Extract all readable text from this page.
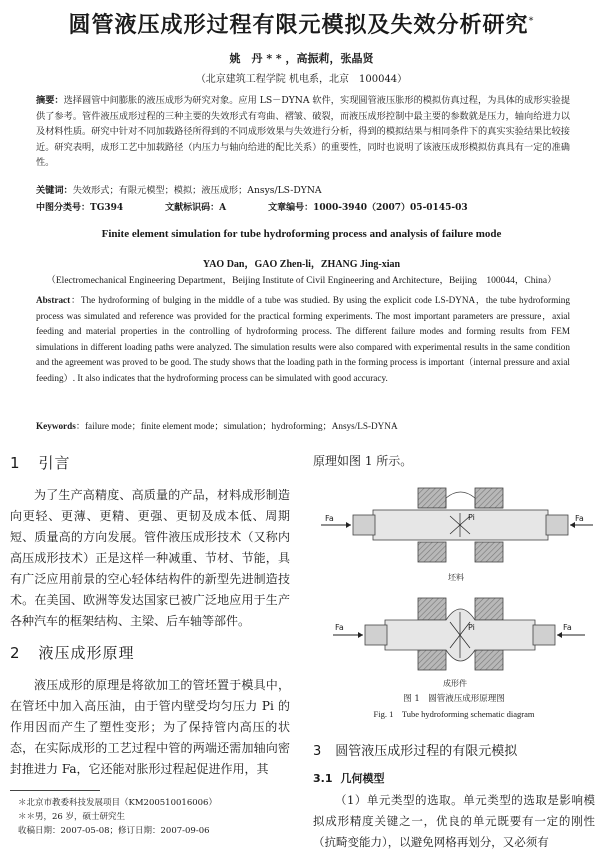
圆管液压成形过程有限元模拟及失效分析研究*
姚　丹 * * ，高振莉，张晶贤
（北京建筑工程学院 机电系，北京　100044）
摘要：选择圆管中间膨胀的液压成形为研究对象。应用 LS－DYNA 软件，实现圆管液压胀形的模拟仿真过程，为具体的成形实验提供了参考。管件液压成形过程的三种主要的失效形式有弯曲、褶皱、破裂，而液压成形控制中最主要的参数就是压力，轴向给进力以及材料性质。研究中针对不同加载路径所得到的不同成形效果与失效进行分析，得到的模拟结果与相同条件下的真实实验结果比较接近。研究表明，成形工艺中加载路径（内压力与轴向给进的配比关系）的重要性，同时也说明了该液压成形模拟仿真具有一定的准确性。
关键词：失效形式；有限元模型；模拟；液压成形；Ansys/LS-DYNA
中图分类号：TG394	文献标识码：A	文章编号：1000-3940（2007）05-0145-03
Finite element simulation for tube hydroforming process and analysis of failure mode
YAO Dan，GAO Zhen-li，ZHANG Jing-xian
（Electromechanical Engineering Department，Beijing Institute of Civil Engineering and Architecture，Beijing　100044，China）
Abstract：The hydroforming of bulging in the middle of a tube was studied. By using the explicit code LS-DYNA，the tube hydroforming process was simulated and reference was provided for the practical forming experiments. The most important parameters are pressure，axial feeding and material properties in the controlling of hydroforming process. The different failure modes and forming results from FEM simulations in different loading paths were analyzed. The simulation results were also compared with experimental results in the same condition and the agreement was proved to be good. The study shows that the loading path in the forming process is important（internal pressure and axial feeding）. It also indicates that the hydroforming process can be simulated with good accuracy.
Keywords：failure mode；finite element mode；simulation；hydroforming；Ansys/LS-DYNA
1 引言

为了生产高精度、高质量的产品，材料成形制造向更轻、更薄、更精、更强、更韧及成本低、周期短、质量高的方向发展。管件液压成形技术（又称内高压成形技术）正是这样一种减重、节材、节能，具有广泛应用前景的空心轻体结构件的新型先进制造技术。在美国、欧洲等发达国家已被广泛地应用于生产各种汽车的框架结构、主梁、后车轴等部件。

2 液压成形原理

液压成形的原理是将欲加工的管坯置于模具中，在管坯中加入高压油，由于管内壁受均匀压力 Pi 的作用因而产生了塑性变形；为了保持管内高压的状态，在实际成形的工艺过程中管的两端还需加轴向密封推进力 Fa，它还能对胀形过程起促进作用，其

＊北京市教委科技发展项目（KM200510016006）
＊＊男，26 岁，硕士研究生
收稿日期：2007-05-08；修订日期：2007-09-06
原理如图 1 所示。
Fa	Fa
Pi
坯料
Fa	Fa
Pi
成形件
图 1　圆管液压成形原理图
Fig. 1　Tube hydroforming schematic diagram
3 圆管液压成形过程的有限元模拟
3.1 几何模型

（1）单元类型的选取。单元类型的选取是影响模拟成形精度关键之一，优良的单元既要有一定的刚性（抗畸变能力），以避免网格再划分，又必须有
